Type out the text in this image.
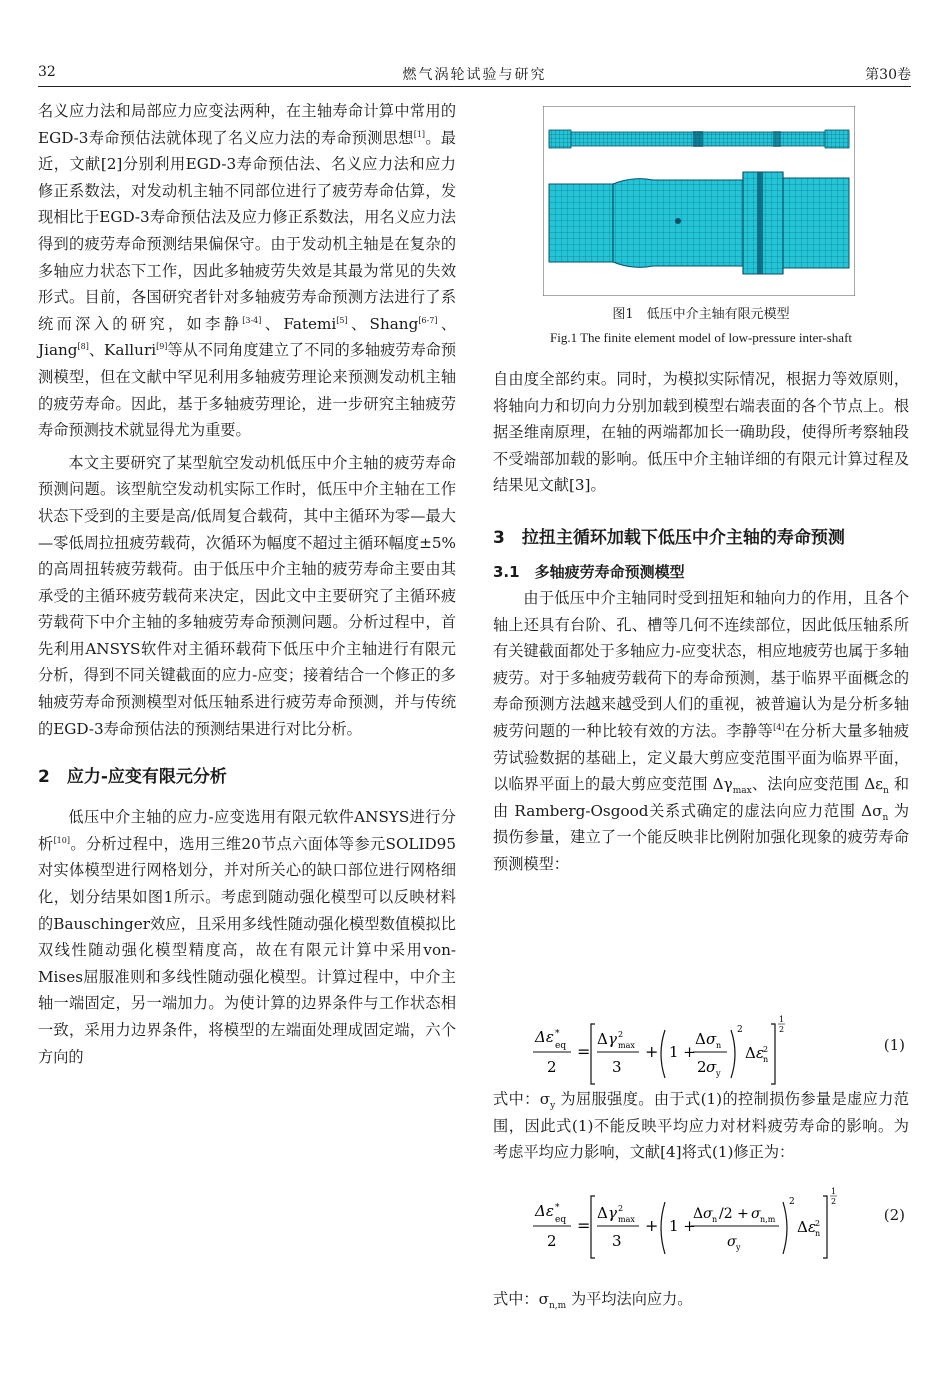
32	燃气涡轮试验与研究	第30卷

名义应力法和局部应力应变法两种，在主轴寿命计算中常用的EGD-3寿命预估法就体现了名义应力法的寿命预测思想[1]。最近，文献[2]分别利用EGD-3寿命预估法、名义应力法和应力修正系数法，对发动机主轴不同部位进行了疲劳寿命估算，发现相比于EGD-3寿命预估法及应力修正系数法，用名义应力法得到的疲劳寿命预测结果偏保守。由于发动机主轴是在复杂的多轴应力状态下工作，因此多轴疲劳失效是其最为常见的失效形式。目前，各国研究者针对多轴疲劳寿命预测方法进行了系统而深入的研究，如李静[3-4]、Fatemi[5]、Shang[6-7]、Jiang[8]、Kalluri[9]等从不同角度建立了不同的多轴疲劳寿命预测模型，但在文献中罕见利用多轴疲劳理论来预测发动机主轴的疲劳寿命。因此，基于多轴疲劳理论，进一步研究主轴疲劳寿命预测技术就显得尤为重要。

本文主要研究了某型航空发动机低压中介主轴的疲劳寿命预测问题。该型航空发动机实际工作时，低压中介主轴在工作状态下受到的主要是高/低周复合载荷，其中主循环为零—最大—零低周拉扭疲劳载荷，次循环为幅度不超过主循环幅度±5%的高周扭转疲劳载荷。由于低压中介主轴的疲劳寿命主要由其承受的主循环疲劳载荷来决定，因此文中主要研究了主循环疲劳载荷下中介主轴的多轴疲劳寿命预测问题。分析过程中，首先利用ANSYS软件对主循环载荷下低压中介主轴进行有限元分析，得到不同关键截面的应力-应变；接着结合一个修正的多轴疲劳寿命预测模型对低压轴系进行疲劳寿命预测，并与传统的EGD-3寿命预估法的预测结果进行对比分析。

2　应力-应变有限元分析

低压中介主轴的应力-应变选用有限元软件ANSYS进行分析[10]。分析过程中，选用三维20节点六面体等参元SOLID95对实体模型进行网格划分，并对所关心的缺口部位进行网格细化，划分结果如图1所示。考虑到随动强化模型可以反映材料的Bauschinger效应，且采用多线性随动强化模型数值模拟比双线性随动强化模型精度高，故在有限元计算中采用von-Mises屈服准则和多线性随动强化模型。计算过程中，中介主轴一端固定，另一端加力。为使计算的边界条件与工作状态相一致，采用力边界条件，将模型的左端面处理成固定端，六个方向的

图1　低压中介主轴有限元模型
Fig.1 The finite element model of low-pressure inter-shaft

自由度全部约束。同时，为模拟实际情况，根据力等效原则，将轴向力和切向力分别加载到模型右端表面的各个节点上。根据圣维南原理，在轴的两端都加长一确助段，使得所考察轴段不受端部加载的影响。低压中介主轴详细的有限元计算过程及结果见文献[3]。

3　拉扭主循环加载下低压中介主轴的寿命预测
3.1　多轴疲劳寿命预测模型

由于低压中介主轴同时受到扭矩和轴向力的作用，且各个轴上还具有台阶、孔、槽等几何不连续部位，因此低压轴系所有关键截面都处于多轴应力-应变状态，相应地疲劳也属于多轴疲劳。对于多轴疲劳载荷下的寿命预测，基于临界平面概念的寿命预测方法越来越受到人们的重视，被普遍认为是分析多轴疲劳问题的一种比较有效的方法。李静等[4]在分析大量多轴疲劳试验数据的基础上，定义最大剪应变范围平面为临界平面，以临界平面上的最大剪应变范围 $\Delta\gamma_{max}$、法向应变范围 $\Delta\varepsilon_n$ 和由 Ramberg-Osgood关系式确定的虚法向应力范围 $\Delta\sigma_n$ 为损伤参量，建立了一个能反映非比例附加强化现象的疲劳寿命预测模型：

Δε *
eq
2
=
Δ γ 2
max
3
+ 1 +
Δ σ n
2 σ y
2
Δ ε
n
2
1
2
(1)

式中：$\sigma_y$ 为屈服强度。由于式(1)的控制损伤参量是虚应力范围，因此式(1)不能反映平均应力对材料疲劳寿命的影响。为考虑平均应力影响，文献[4]将式(1)修正为：

Δε *
eq
2
=
Δ γ 2
max
3
+ 1 +
Δ σ n /2 + σ n,m
σ y
2
Δ ε
n
2
1
2
(2)

式中：$\sigma_{n,m}$ 为平均法向应力。
